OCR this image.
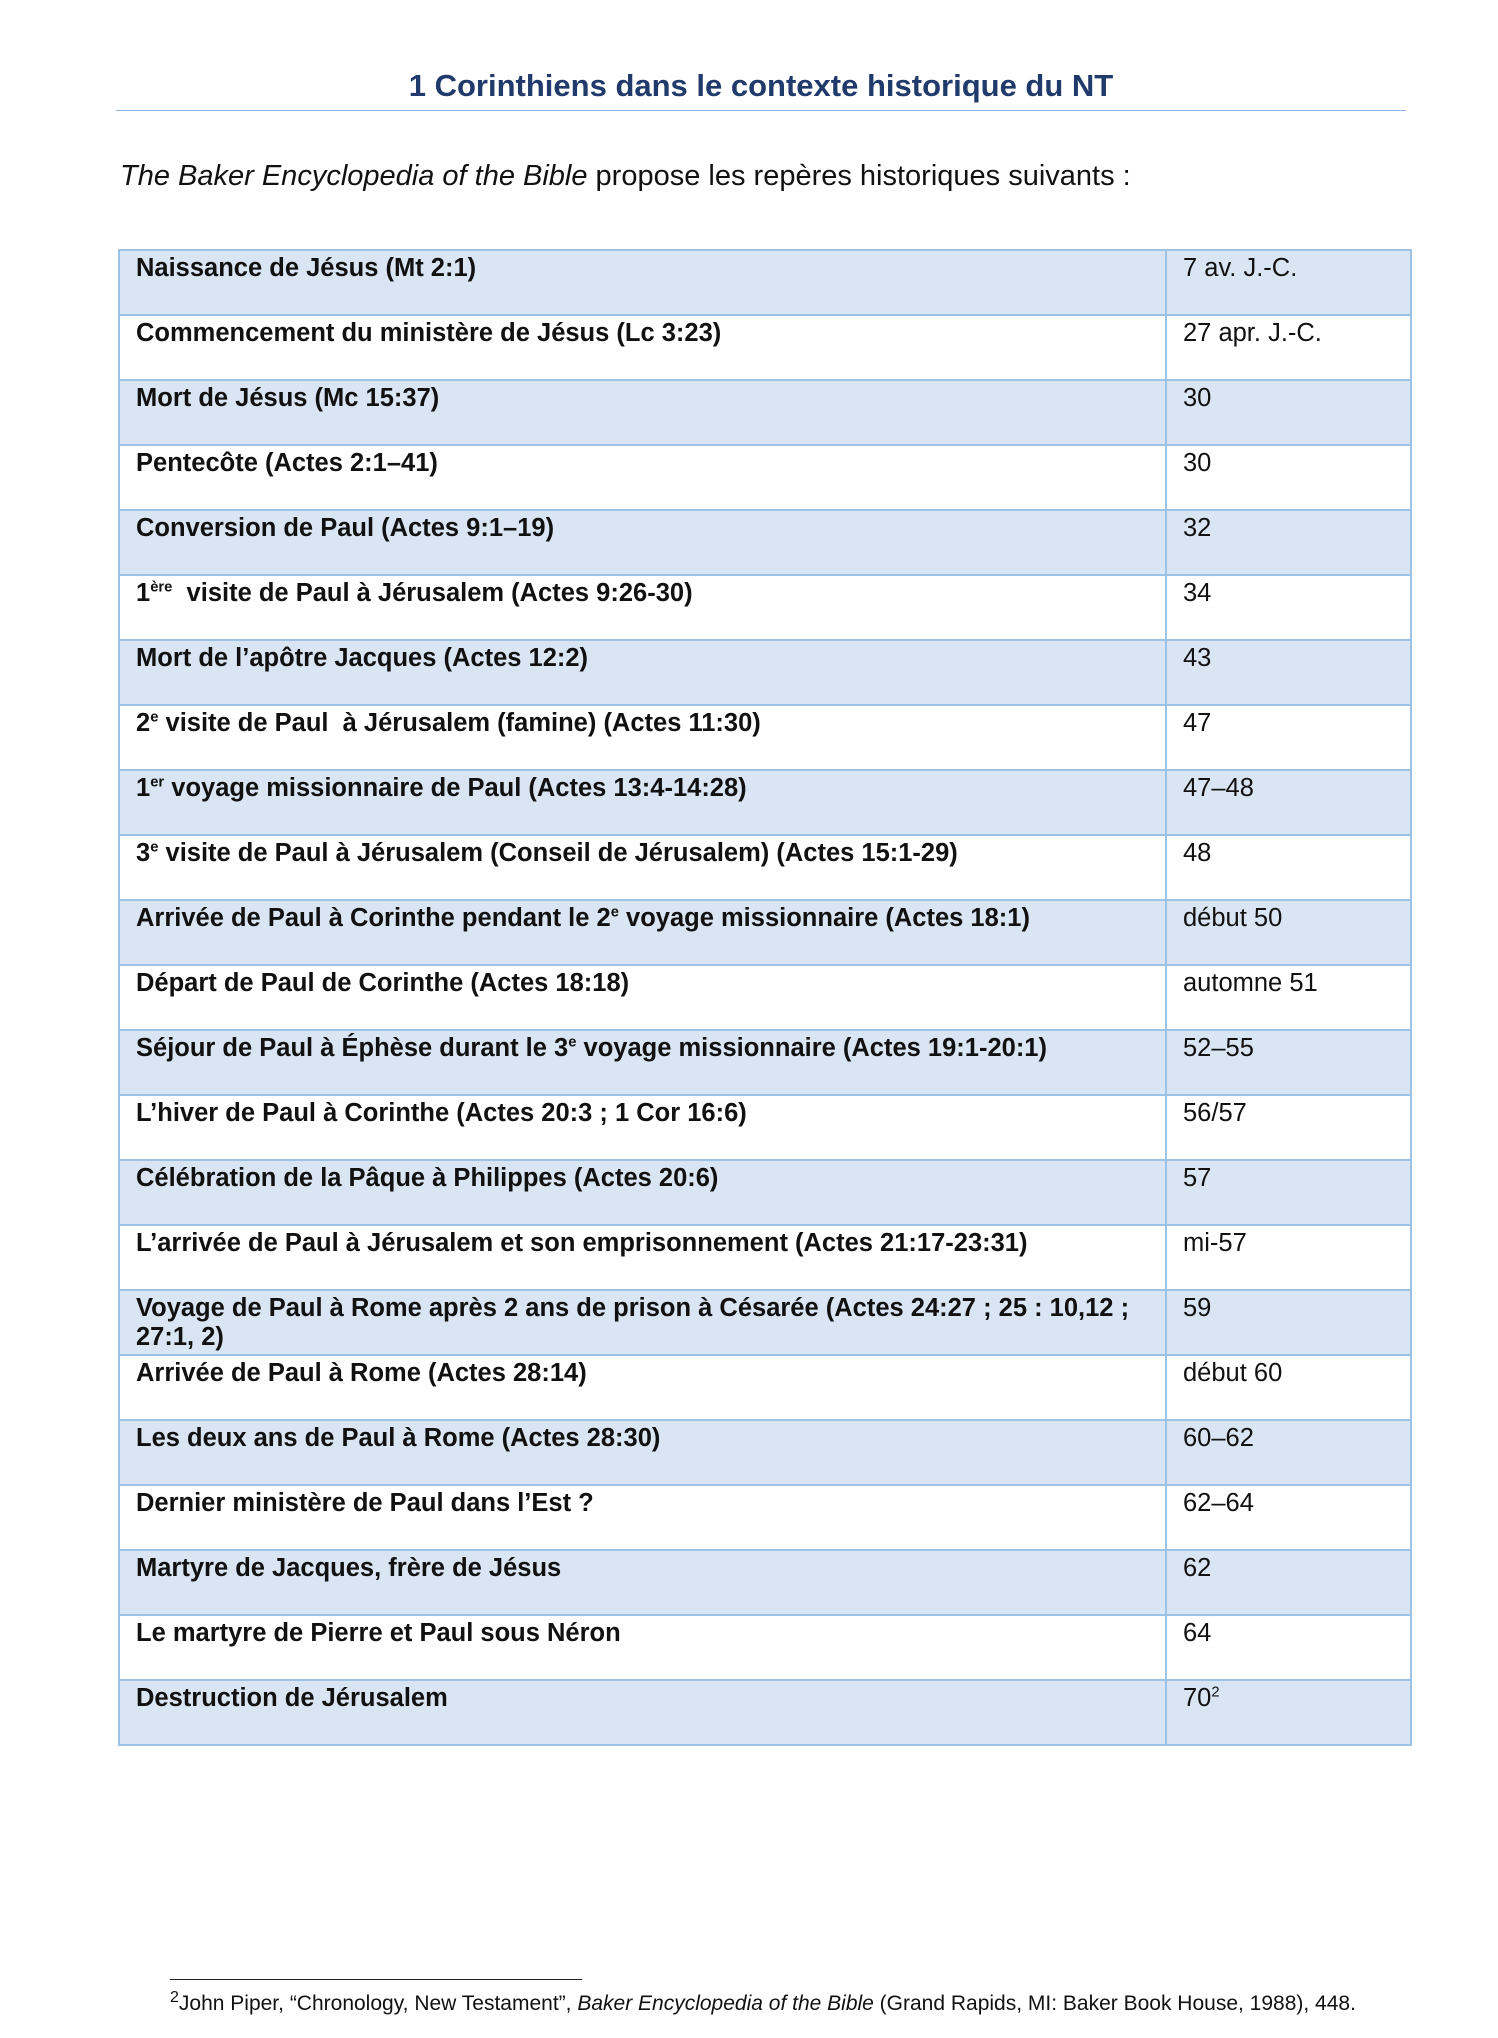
1 Corinthiens dans le contexte historique du NT
The Baker Encyclopedia of the Bible propose les repères historiques suivants :
Naissance de Jésus (Mt 2:1)	7 av. J.-C.
Commencement du ministère de Jésus (Lc 3:23)	27 apr. J.-C.
Mort de Jésus (Mc 15:37)	30
Pentecôte (Actes 2:1–41)	30
Conversion de Paul (Actes 9:1–19)	32
1ère  visite de Paul à Jérusalem (Actes 9:26-30)	34
Mort de l’apôtre Jacques (Actes 12:2)	43
2e visite de Paul  à Jérusalem (famine) (Actes 11:30)	47
1er voyage missionnaire de Paul (Actes 13:4-14:28)	47–48
3e visite de Paul à Jérusalem (Conseil de Jérusalem) (Actes 15:1-29)	48
Arrivée de Paul à Corinthe pendant le 2e voyage missionnaire (Actes 18:1)	début 50
Départ de Paul de Corinthe (Actes 18:18)	automne 51
Séjour de Paul à Éphèse durant le 3e voyage missionnaire (Actes 19:1-20:1)	52–55
L’hiver de Paul à Corinthe (Actes 20:3 ; 1 Cor 16:6)	56/57
Célébration de la Pâque à Philippes (Actes 20:6)	57
L’arrivée de Paul à Jérusalem et son emprisonnement (Actes 21:17-23:31)	mi-57
Voyage de Paul à Rome après 2 ans de prison à Césarée (Actes 24:27 ; 25 : 10,12 ; 27:1, 2)	59
Arrivée de Paul à Rome (Actes 28:14)	début 60
Les deux ans de Paul à Rome (Actes 28:30)	60–62
Dernier ministère de Paul dans l’Est ?	62–64
Martyre de Jacques, frère de Jésus	62
Le martyre de Pierre et Paul sous Néron	64
Destruction de Jérusalem	$70^2$
$^2$John Piper, “Chronology, New Testament”, Baker Encyclopedia of the Bible (Grand Rapids, MI: Baker Book House, 1988), 448.
